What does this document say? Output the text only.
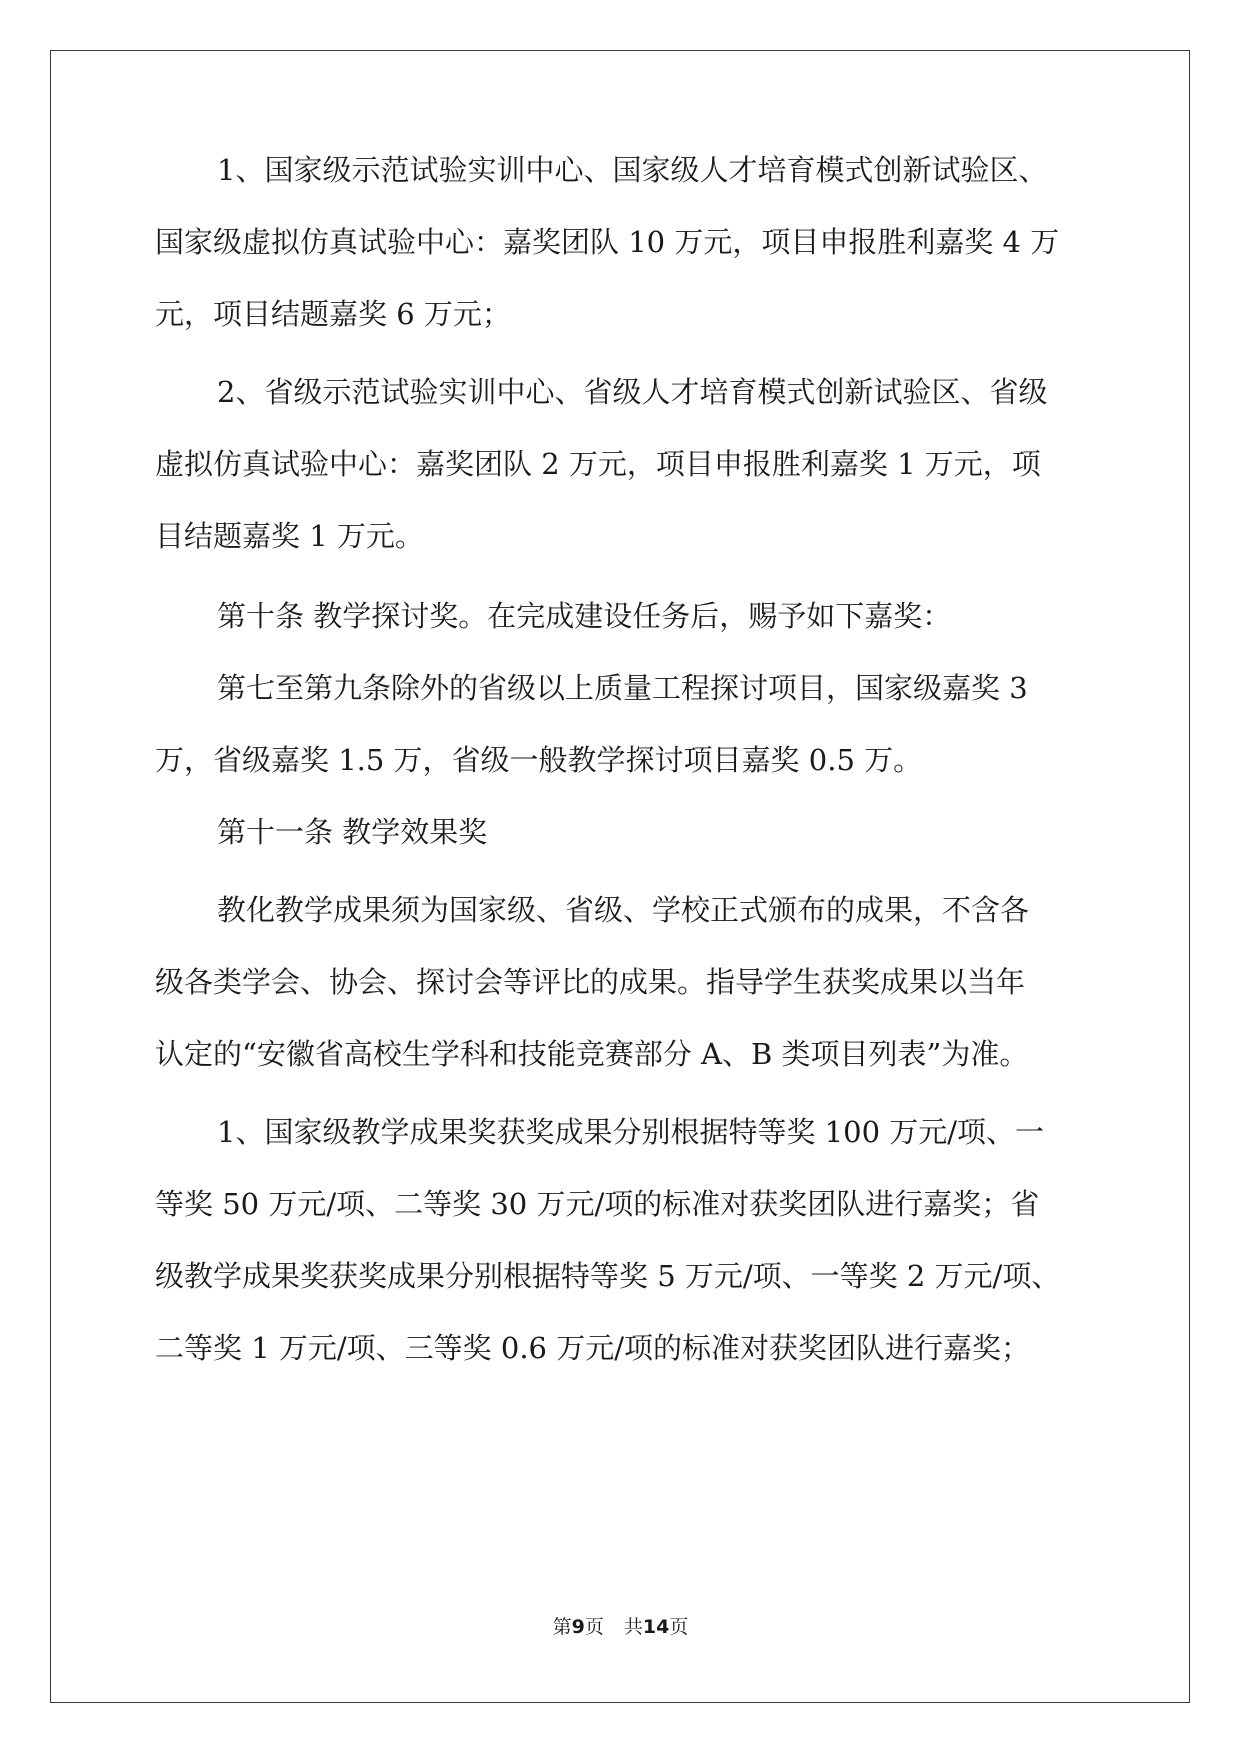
1、国家级示范试验实训中心、国家级人才培育模式创新试验区、
国家级虚拟仿真试验中心：嘉奖团队 10 万元，项目申报胜利嘉奖 4 万
元，项目结题嘉奖 6 万元；
2、省级示范试验实训中心、省级人才培育模式创新试验区、省级
虚拟仿真试验中心：嘉奖团队 2 万元，项目申报胜利嘉奖 1 万元，项
目结题嘉奖 1 万元。
第十条 教学探讨奖。在完成建设任务后，赐予如下嘉奖：
第七至第九条除外的省级以上质量工程探讨项目，国家级嘉奖 3
万，省级嘉奖 1.5 万，省级一般教学探讨项目嘉奖 0.5 万。
第十一条 教学效果奖
教化教学成果须为国家级、省级、学校正式颁布的成果，不含各
级各类学会、协会、探讨会等评比的成果。指导学生获奖成果以当年
认定的“安徽省高校生学科和技能竞赛部分 A、B 类项目列表”为准。
1、国家级教学成果奖获奖成果分别根据特等奖 100 万元/项、一
等奖 50 万元/项、二等奖 30 万元/项的标准对获奖团队进行嘉奖；省
级教学成果奖获奖成果分别根据特等奖 5 万元/项、一等奖 2 万元/项、
二等奖 1 万元/项、三等奖 0.6 万元/项的标准对获奖团队进行嘉奖；
第9页 共14页
